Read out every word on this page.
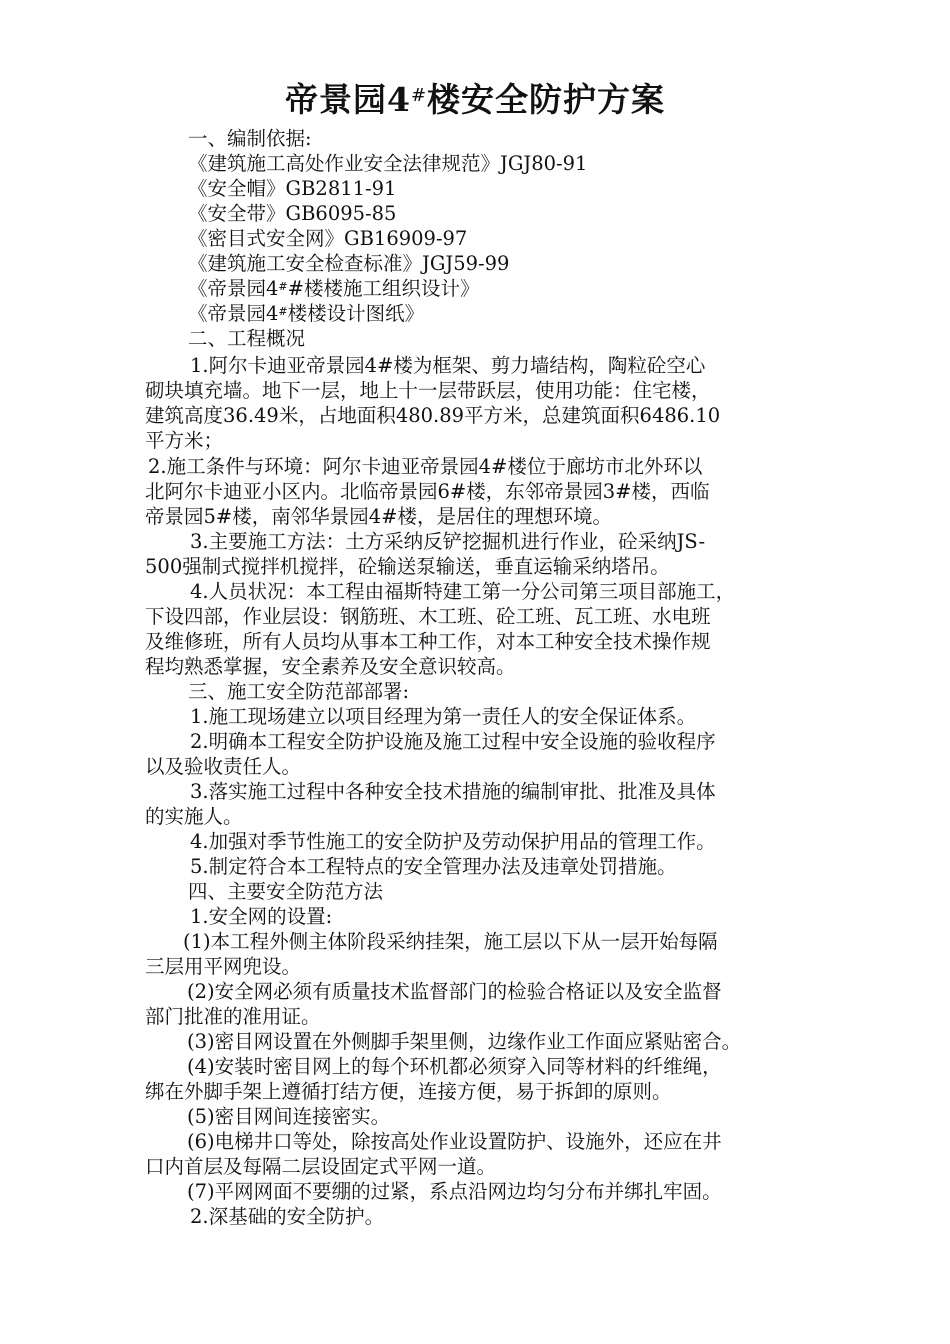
帝景园4#楼安全防护方案
一、编制依据:
《建筑施工高处作业安全法律规范》JGJ80-91
《安全帽》GB2811-91
《安全带》GB6095-85
《密目式安全网》GB16909-97
《建筑施工安全检查标准》JGJ59-99
《帝景园4##楼楼施工组织设计》
《帝景园4#楼楼设计图纸》
二、工程概况
1.阿尔卡迪亚帝景园4#楼为框架、剪力墙结构，陶粒砼空心
砌块填充墙。地下一层，地上十一层带跃层，使用功能：住宅楼，
建筑高度36.49米，占地面积480.89平方米，总建筑面积6486.10
平方米；
2.施工条件与环境：阿尔卡迪亚帝景园4#楼位于廊坊市北外环以
北阿尔卡迪亚小区内。北临帝景园6#楼，东邻帝景园3#楼，西临
帝景园5#楼，南邻华景园4#楼，是居住的理想环境。
3.主要施工方法：土方采纳反铲挖掘机进行作业，砼采纳JS-
500强制式搅拌机搅拌，砼输送泵输送，垂直运输采纳塔吊。
4.人员状况：本工程由福斯特建工第一分公司第三项目部施工，
下设四部，作业层设：钢筋班、木工班、砼工班、瓦工班、水电班
及维修班，所有人员均从事本工种工作，对本工种安全技术操作规
程均熟悉掌握，安全素养及安全意识较高。
三、施工安全防范部部署:
1.施工现场建立以项目经理为第一责任人的安全保证体系。
2.明确本工程安全防护设施及施工过程中安全设施的验收程序
以及验收责任人。
3.落实施工过程中各种安全技术措施的编制审批、批准及具体
的实施人。
4.加强对季节性施工的安全防护及劳动保护用品的管理工作。
5.制定符合本工程特点的安全管理办法及违章处罚措施。
四、主要安全防范方法
1.安全网的设置:
(1)本工程外侧主体阶段采纳挂架，施工层以下从一层开始每隔
三层用平网兜设。
(2)安全网必须有质量技术监督部门的检验合格证以及安全监督
部门批准的准用证。
(3)密目网设置在外侧脚手架里侧，边缘作业工作面应紧贴密合。
(4)安装时密目网上的每个环机都必须穿入同等材料的纤维绳，
绑在外脚手架上遵循打结方便，连接方便，易于拆卸的原则。
(5)密目网间连接密实。
(6)电梯井口等处，除按高处作业设置防护、设施外，还应在井
口内首层及每隔二层设固定式平网一道。
(7)平网网面不要绷的过紧，系点沿网边均匀分布并绑扎牢固。
2.深基础的安全防护。
